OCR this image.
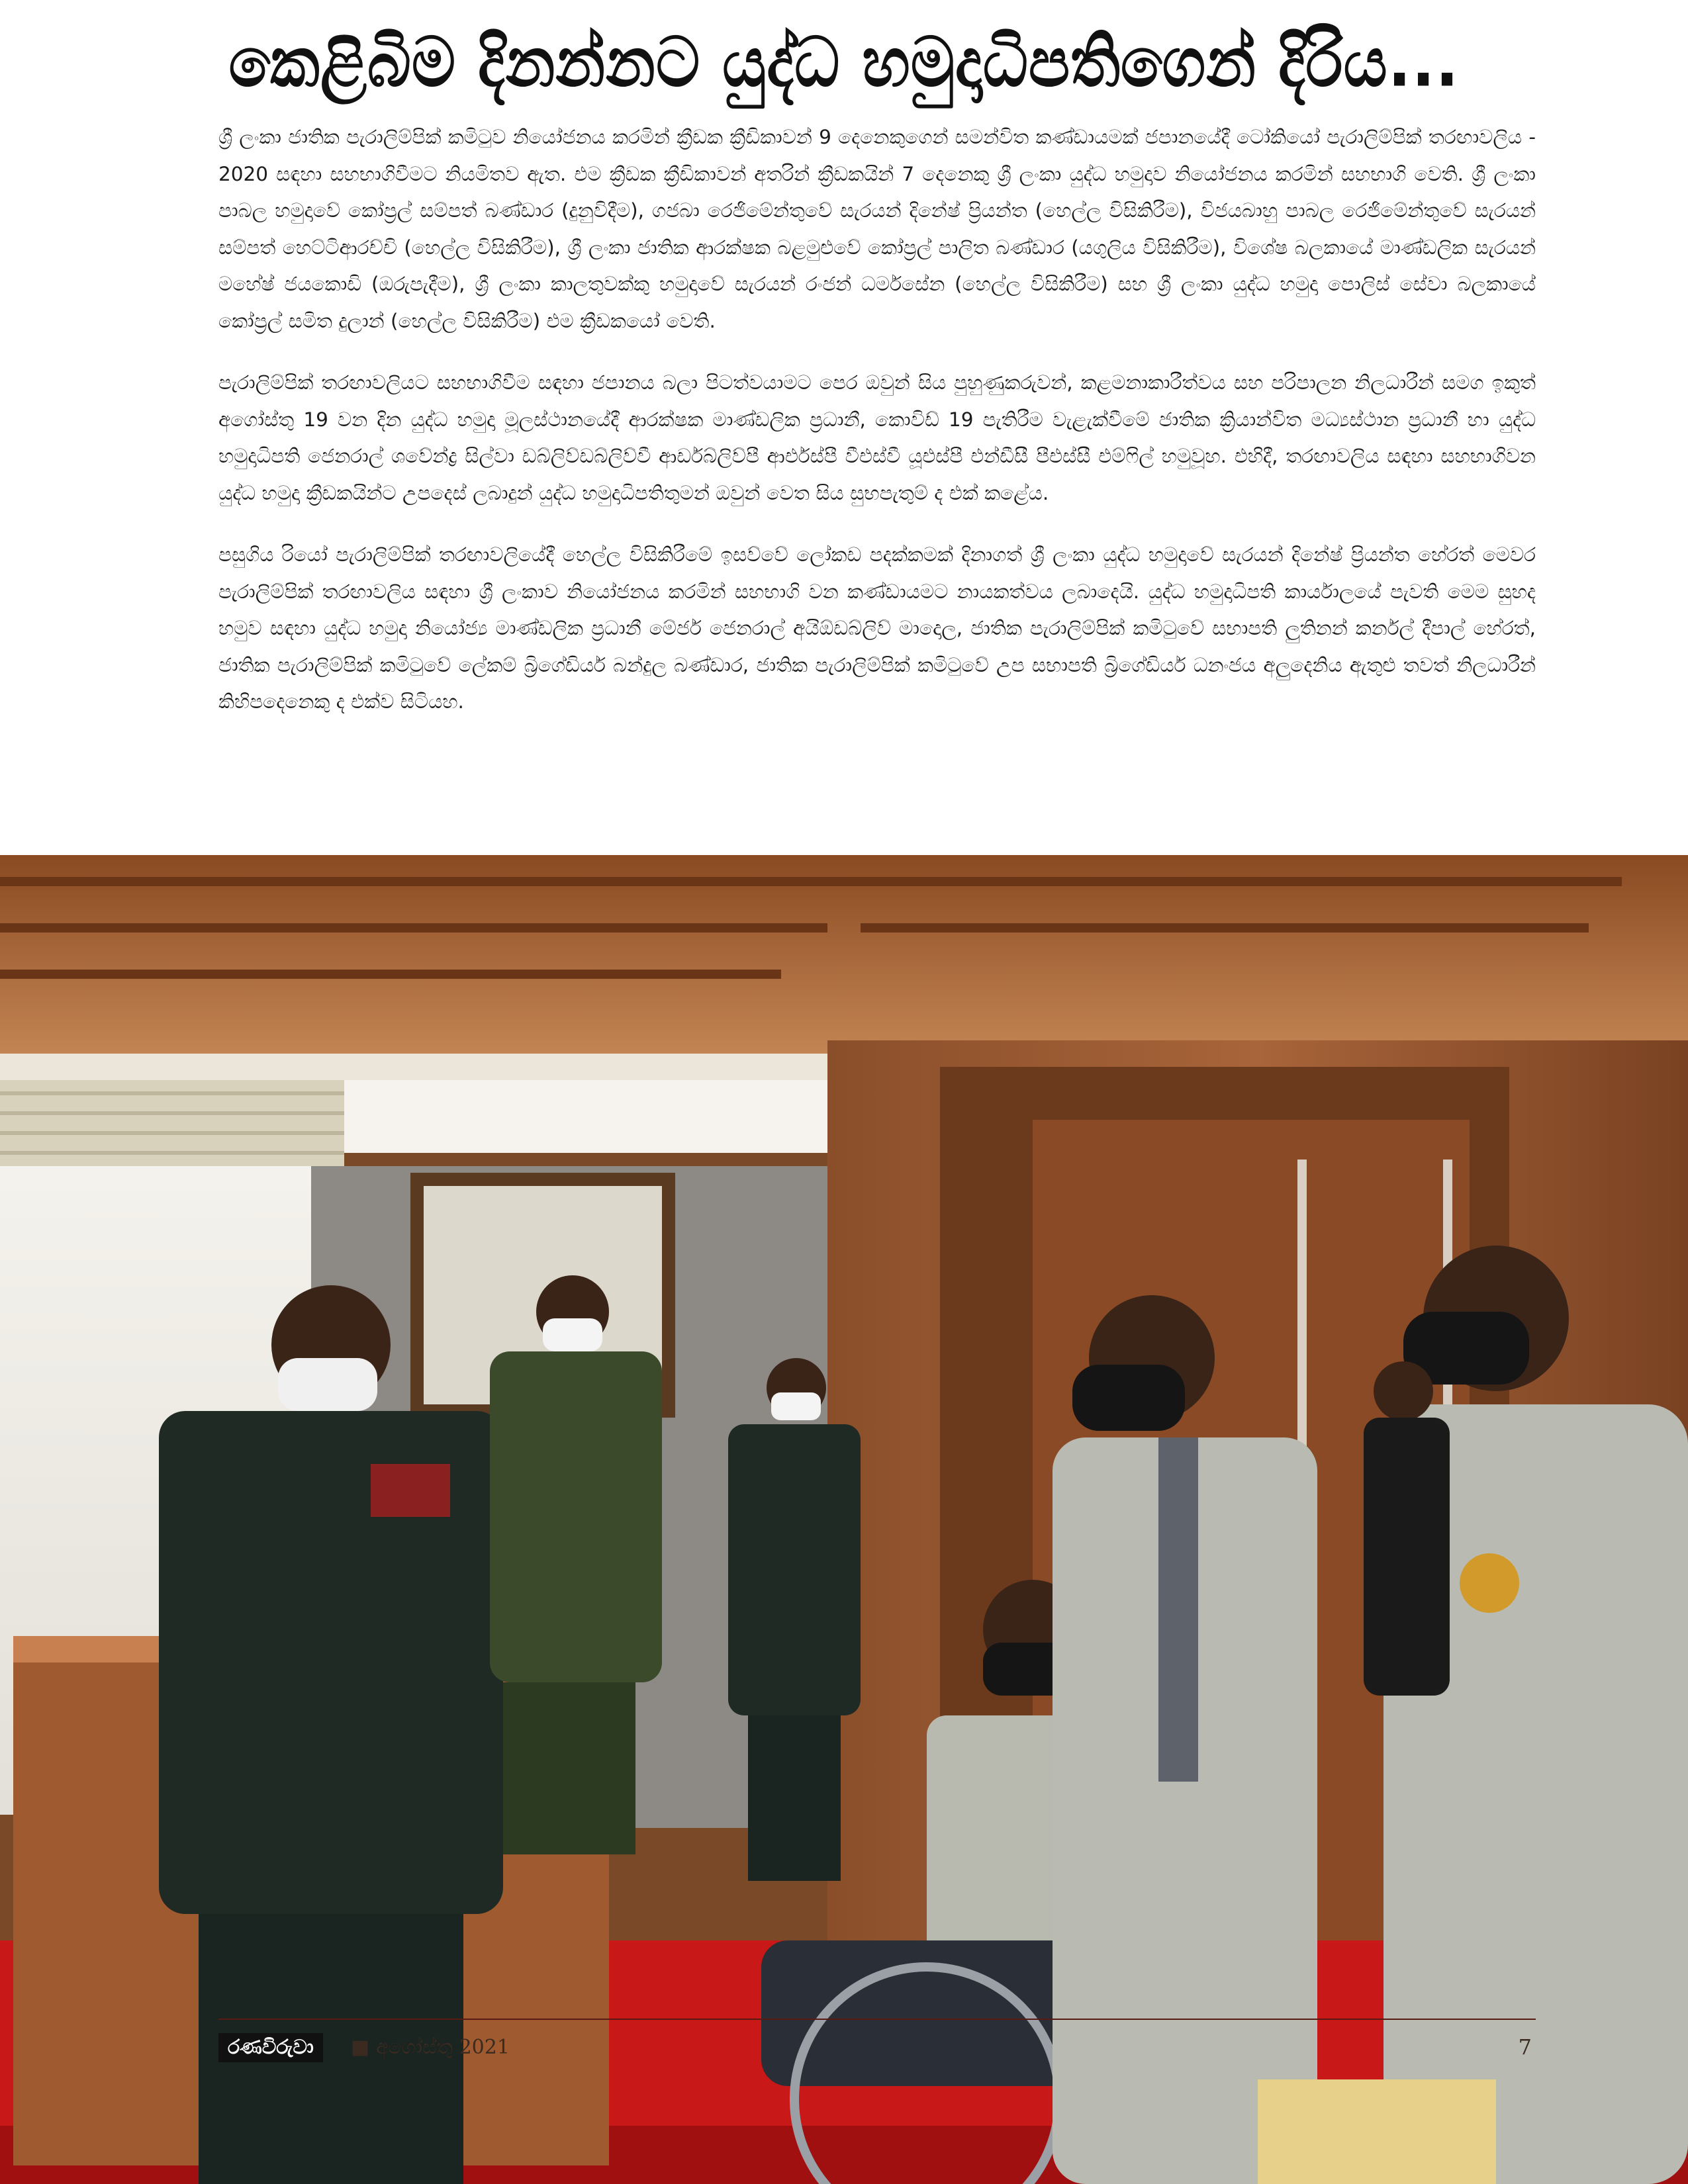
කෙළිබිම දිනන්නට යුද්ධ හමුදාධිපතිගෙන් දිරිය...

ශ්‍රී ලංකා ජාතික පැරාලිම්පික් කමිටුව නියෝජනය කරමින් ක්‍රීඩක ක්‍රීඩිකාවන් 9 දෙනෙකුගෙන් සමන්විත කණ්ඩායමක් ජපානයේදී ටෝකියෝ පැරාලිම්පික් තරඟාවලිය - 2020 සඳහා සහභාගිවීමට නියමිතව ඇත. එම ක්‍රීඩක ක්‍රීඩිකාවන් අතරින් ක්‍රීඩකයින් 7 දෙනෙකු ශ්‍රී ලංකා යුද්ධ හමුදාව නියෝජනය කරමින් සහභාගි වෙති. ශ්‍රී ලංකා පාබල හමුදාවේ කෝප්‍රල් සම්පත් බණ්ඩාර (දුනුවිදීම), ගජබා රෙජිමේන්තුවේ සැරයන් දිනේෂ් ප්‍රියන්ත (හෙල්ල විසිකිරීම), විජයබාහු පාබල රෙජිමේන්තුවේ සැරයන් සම්පත් හෙට්ටිආරච්චි (හෙල්ල විසිකිරීම), ශ්‍රී ලංකා ජාතික ආරක්ෂක බළමුළුවේ කෝප්‍රල් පාලිත බණ්ඩාර (යගුලිය විසිකිරීම), විශේෂ බලකායේ මාණ්ඩලික සැරයන් මහේෂ් ජයකොඩි (ඔරුපැදීම), ශ්‍රී ලංකා කාලතුවක්කු හමුදාවේ සැරයන් රංජන් ධර්මසේන (හෙල්ල විසිකිරීම) සහ ශ්‍රී ලංකා යුද්ධ හමුදා පොලිස් සේවා බලකායේ කෝප්‍රල් සමිත දුලාන් (හෙල්ල විසිකිරීම) එම ක්‍රීඩකයෝ වෙති.

පැරාලිම්පික් තරඟාවලියට සහභාගිවීම සඳහා ජපානය බලා පිටත්වයාමට පෙර ඔවුන් සිය පුහුණුකරුවන්, කළමනාකාරීත්වය සහ පරිපාලන නිලධාරීන් සමග ඉකුත් අගෝස්තු 19 වන දින යුද්ධ හමුදා මූලස්ථානයේදී ආරක්ෂක මාණ්ඩලික ප්‍රධානී, කොවිඩ් 19 පැතිරීම වැළැක්වීමේ ජාතික ක්‍රියාන්විත මධ්‍යස්ථාන ප්‍රධානී හා යුද්ධ හමුදාධිපති ජෙනරාල් ශවේන්ද්‍ර සිල්වා ඩබ්ලිව්ඩබ්ලිව්වී ආර්ඩබ්ලිව්පී ආර්එස්පී වීඑස්වී යූඑස්පී එන්ඩීසී පීඑස්සී එම්ෆිල් හමුවූහ. එහිදී, තරඟාවලිය සඳහා සහභාගිවන යුද්ධ හමුදා ක්‍රීඩකයින්ට උපදෙස් ලබාදුන් යුද්ධ හමුදාධිපතිතුමන් ඔවුන් වෙත සිය සුභපැතුම් ද එක් කළේය.

පසුගිය රියෝ පැරාලිම්පික් තරඟාවලියේදී හෙල්ල විසිකිරීමේ ඉසව්වේ ලෝකඩ පදක්කමක් දිනාගත් ශ්‍රී ලංකා යුද්ධ හමුදාවේ සැරයන් දිනේෂ් ප්‍රියන්ත හේරත් මෙවර පැරාලිම්පික් තරඟාවලිය සඳහා ශ්‍රී ලංකාව නියෝජනය කරමින් සහභාගි වන කණ්ඩායමට නායකත්වය ලබාදෙයි. යුද්ධ හමුදාධිපති කාර්යාලයේ පැවති මෙම සුහද හමුව සඳහා යුද්ධ හමුදා නියෝජ්‍ය මාණ්ඩලික ප්‍රධානී මේජර් ජෙනරාල් අයිඕඩබ්ලිව් මාදොල, ජාතික පැරාලිම්පික් කමිටුවේ සභාපති ලුතිනන් කර්නල් දීපාල් හේරත්, ජාතික පැරාලිම්පික් කමිටුවේ ලේකම් බ්‍රිගේඩියර් බන්දුල බණ්ඩාර, ජාතික පැරාලිම්පික් කමිටුවේ උප සභාපති බ්‍රිගේඩියර් ධනංජය අලුදෙනිය ඇතුළු තවත් නිලධාරීන් කිහිපදෙනෙකු ද එක්ව සිටියහ.

රණවිරුවා	■ අගෝස්තු 2021	7
